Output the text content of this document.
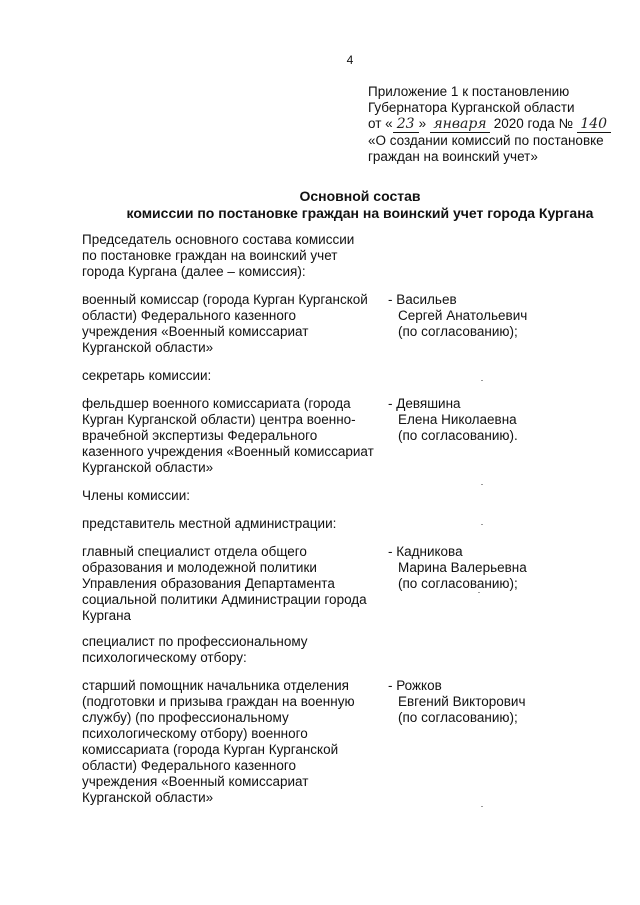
4
Приложение 1 к постановлению
Губернатора Курганской области
от « 23 » января 2020 года № 140
«О создании комиссий по постановке
граждан на воинский учет»
Основной состав
комиссии по постановке граждан на воинский учет города Кургана
Председатель основного состава комиссии
по постановке граждан на воинский учет
города Кургана (далее – комиссия):
военный комиссар (города Курган Курганской
области) Федерального казенного
учреждения «Военный комиссариат
Курганской области»
- Васильев
Сергей Анатольевич
(по согласованию);
секретарь комиссии:
фельдшер военного комиссариата (города
Курган Курганской области) центра военно-
врачебной экспертизы Федерального
казенного учреждения «Военный комиссариат
Курганской области»
- Девяшина
Елена Николаевна
(по согласованию).
Члены комиссии:
представитель местной администрации:
главный специалист отдела общего
образования и молодежной политики
Управления образования Департамента
социальной политики Администрации города
Кургана
- Кадникова
Марина Валерьевна
(по согласованию);
специалист по профессиональному
психологическому отбору:
старший помощник начальника отделения
(подготовки и призыва граждан на военную
службу) (по профессиональному
психологическому отбору) военного
комиссариата (города Курган Курганской
области) Федерального казенного
учреждения «Военный комиссариат
Курганской области»
- Рожков
Евгений Викторович
(по согласованию);
